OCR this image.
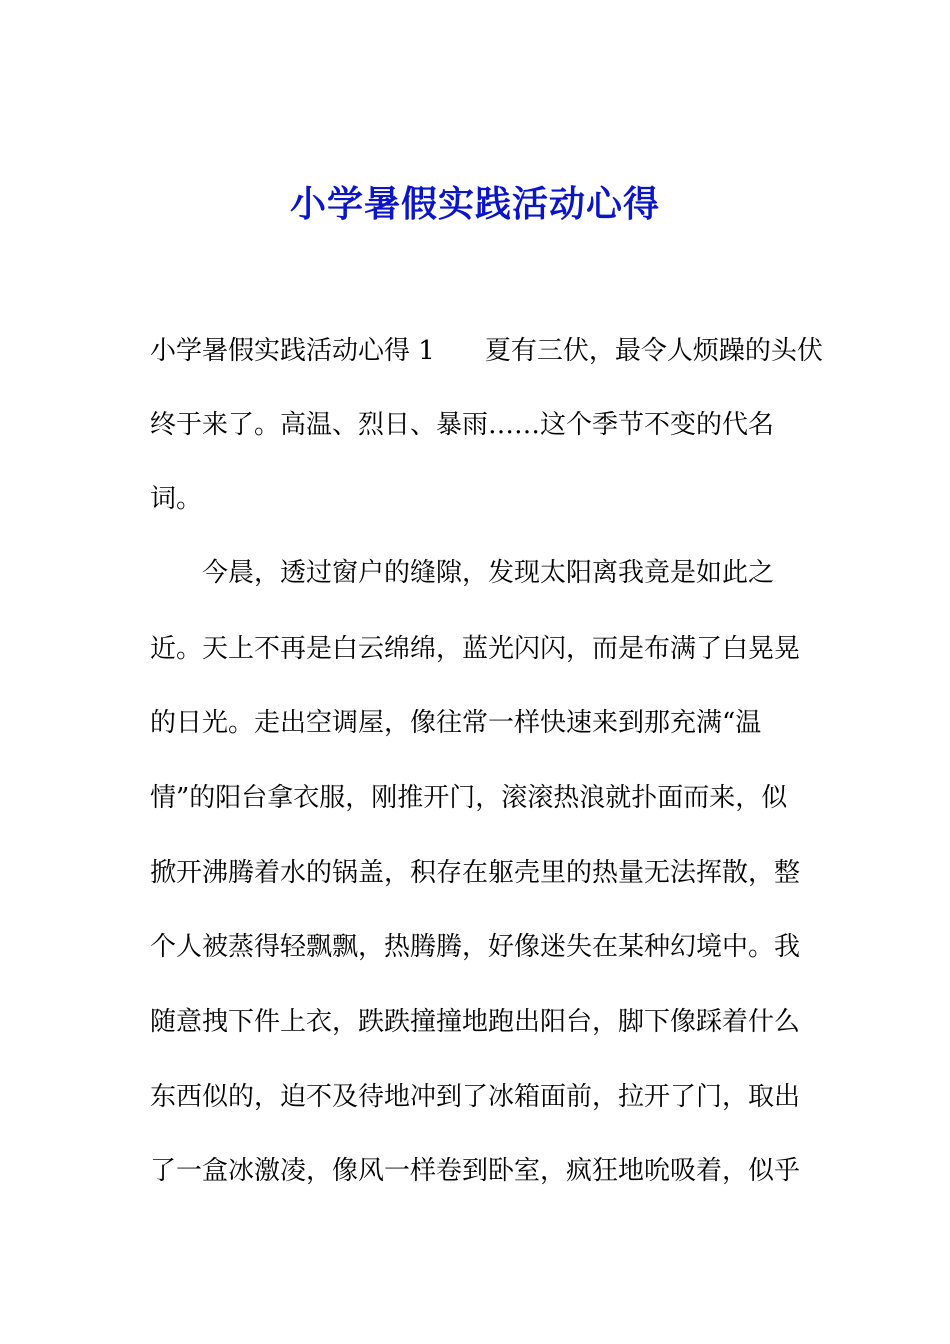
小学暑假实践活动心得

小学暑假实践活动心得 1 夏有三伏，最令人烦躁的头伏

终于来了。高温、烈日、暴雨……这个季节不变的代名

词。

今晨，透过窗户的缝隙，发现太阳离我竟是如此之

近。天上不再是白云绵绵，蓝光闪闪，而是布满了白晃晃

的日光。走出空调屋，像往常一样快速来到那充满“温

情”的阳台拿衣服，刚推开门，滚滚热浪就扑面而来，似

掀开沸腾着水的锅盖，积存在躯壳里的热量无法挥散，整

个人被蒸得轻飘飘，热腾腾，好像迷失在某种幻境中。我

随意拽下件上衣，跌跌撞撞地跑出阳台，脚下像踩着什么

东西似的，迫不及待地冲到了冰箱面前，拉开了门，取出

了一盒冰激凌，像风一样卷到卧室，疯狂地吮吸着，似乎
